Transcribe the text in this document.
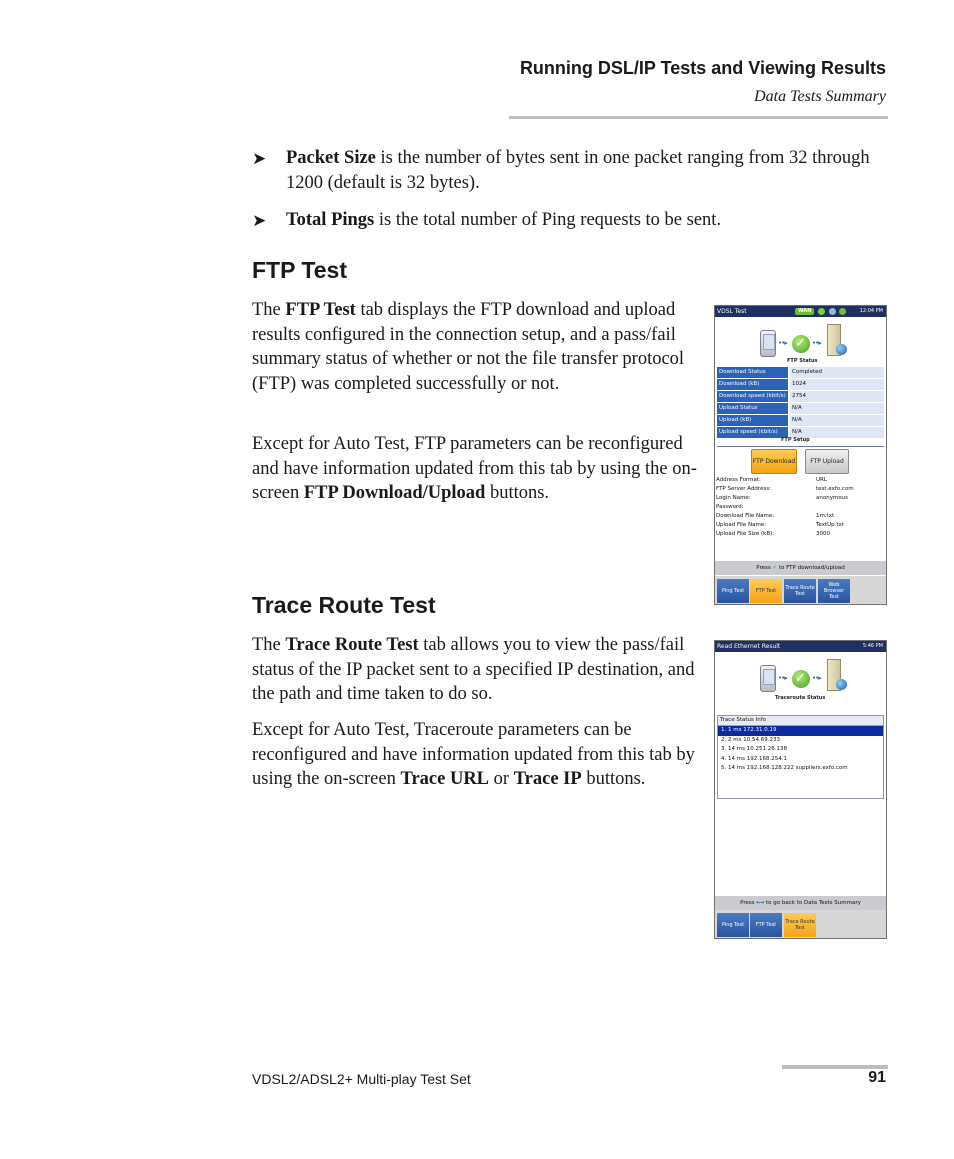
Running DSL/IP Tests and Viewing Results
Data Tests Summary
➤ Packet Size is the number of bytes sent in one packet ranging from 32 through 1200 (default is 32 bytes).
➤ Total Pings is the total number of Ping requests to be sent.
FTP Test
The FTP Test tab displays the FTP download and upload results configured in the connection setup, and a pass/fail summary status of whether or not the file transfer protocol (FTP) was completed successfully or not.
Except for Auto Test, FTP parameters can be reconfigured and have information updated from this tab by using the on-screen FTP Download/Upload buttons.
VDSL Test	WAN	12:04 PM
••▸ ✓ ••▸
FTP Status
Download Status	Completed
Download (kB)	1024
Download speed (kbit/s)	2754
Upload Status	N/A
Upload (kB)	N/A
Upload speed (kbit/s)	N/A
FTP Setup
FTP Download	FTP Upload
Address Format:	URL
FTP Server Address:	test.exfo.com
Login Name:	anonymous
Password:
Download File Name:	1m.txt
Upload File Name:	TextUp.txt
Upload File Size (kB):	3000
Press ✓ to FTP download/upload
Ping Test	FTP Test	Trace Route Test
Web Browser Test
Trace Route Test
The Trace Route Test tab allows you to view the pass/fail status of the IP packet sent to a specified IP destination, and the path and time taken to do so.
Except for Auto Test, Traceroute parameters can be reconfigured and have information updated from this tab by using the on-screen Trace URL or Trace IP buttons.
Read Ethernet Result	5:46 PM
••▸ ✓ ••▸
Traceroute Status
Trace Status Info
1. 1 ms 172.31.0.19
2. 2 ms 10.54.69.233
3. 14 ms 10.251.26.138
4. 14 ms 192.168.254.1
5. 14 ms 192.168.128.222 suppliers.exfo.com
Press ⟷ to go back to Data Tests Summary
Ping Test	FTP Test	Trace Route Test
VDSL2/ADSL2+ Multi-play Test Set	91
